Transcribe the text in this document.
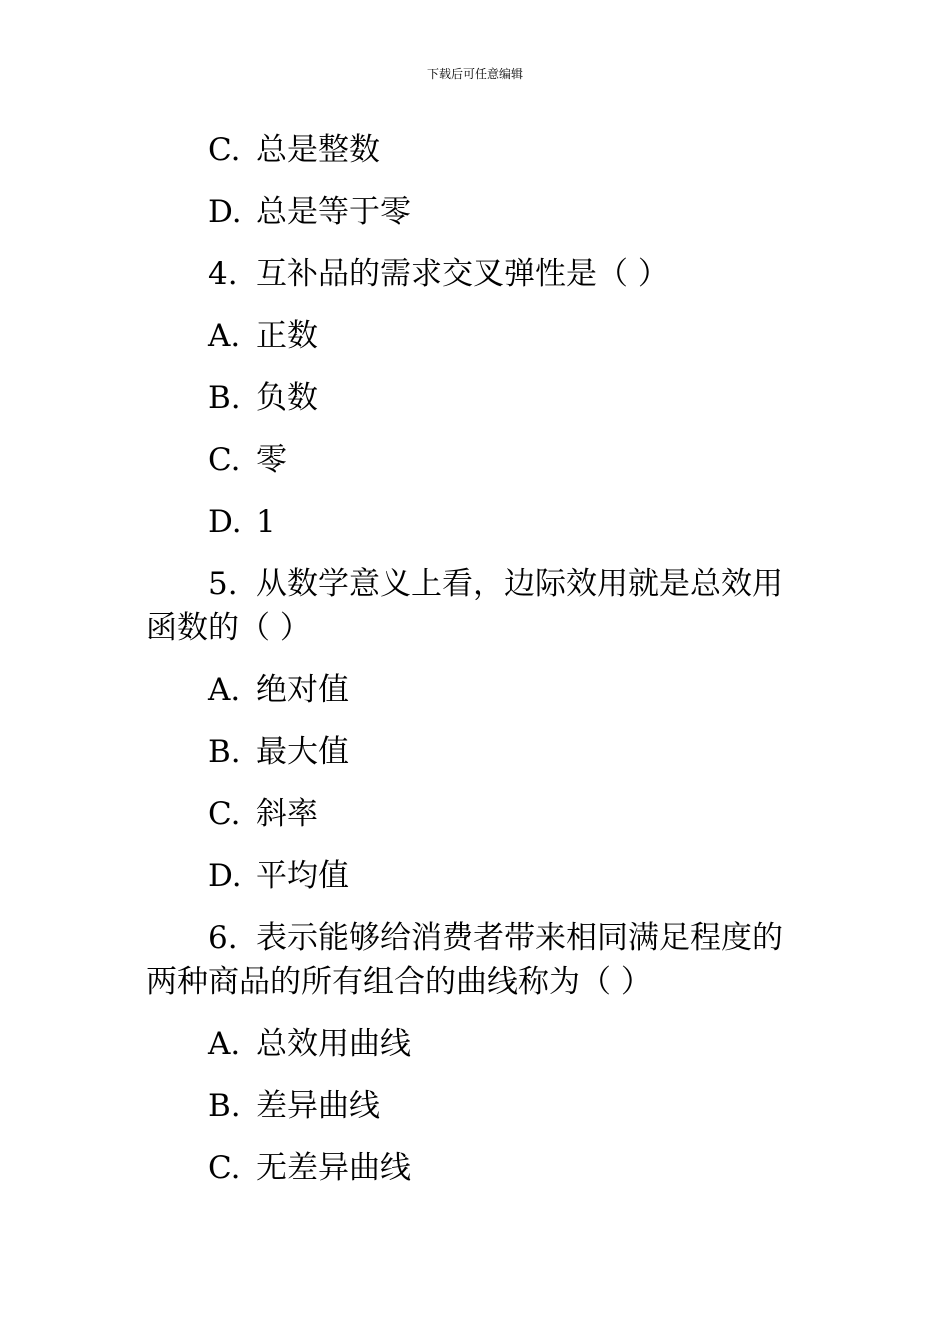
下载后可任意编辑
C. 总是整数
D. 总是等于零
4. 互补品的需求交叉弹性是（ ）
A. 正数
B. 负数
C. 零
D. 1
5. 从数学意义上看，边际效用就是总效用
函数的（ ）
A. 绝对值
B. 最大值
C. 斜率
D. 平均值
6. 表示能够给消费者带来相同满足程度的
两种商品的所有组合的曲线称为（ ）
A. 总效用曲线
B. 差异曲线
C. 无差异曲线
